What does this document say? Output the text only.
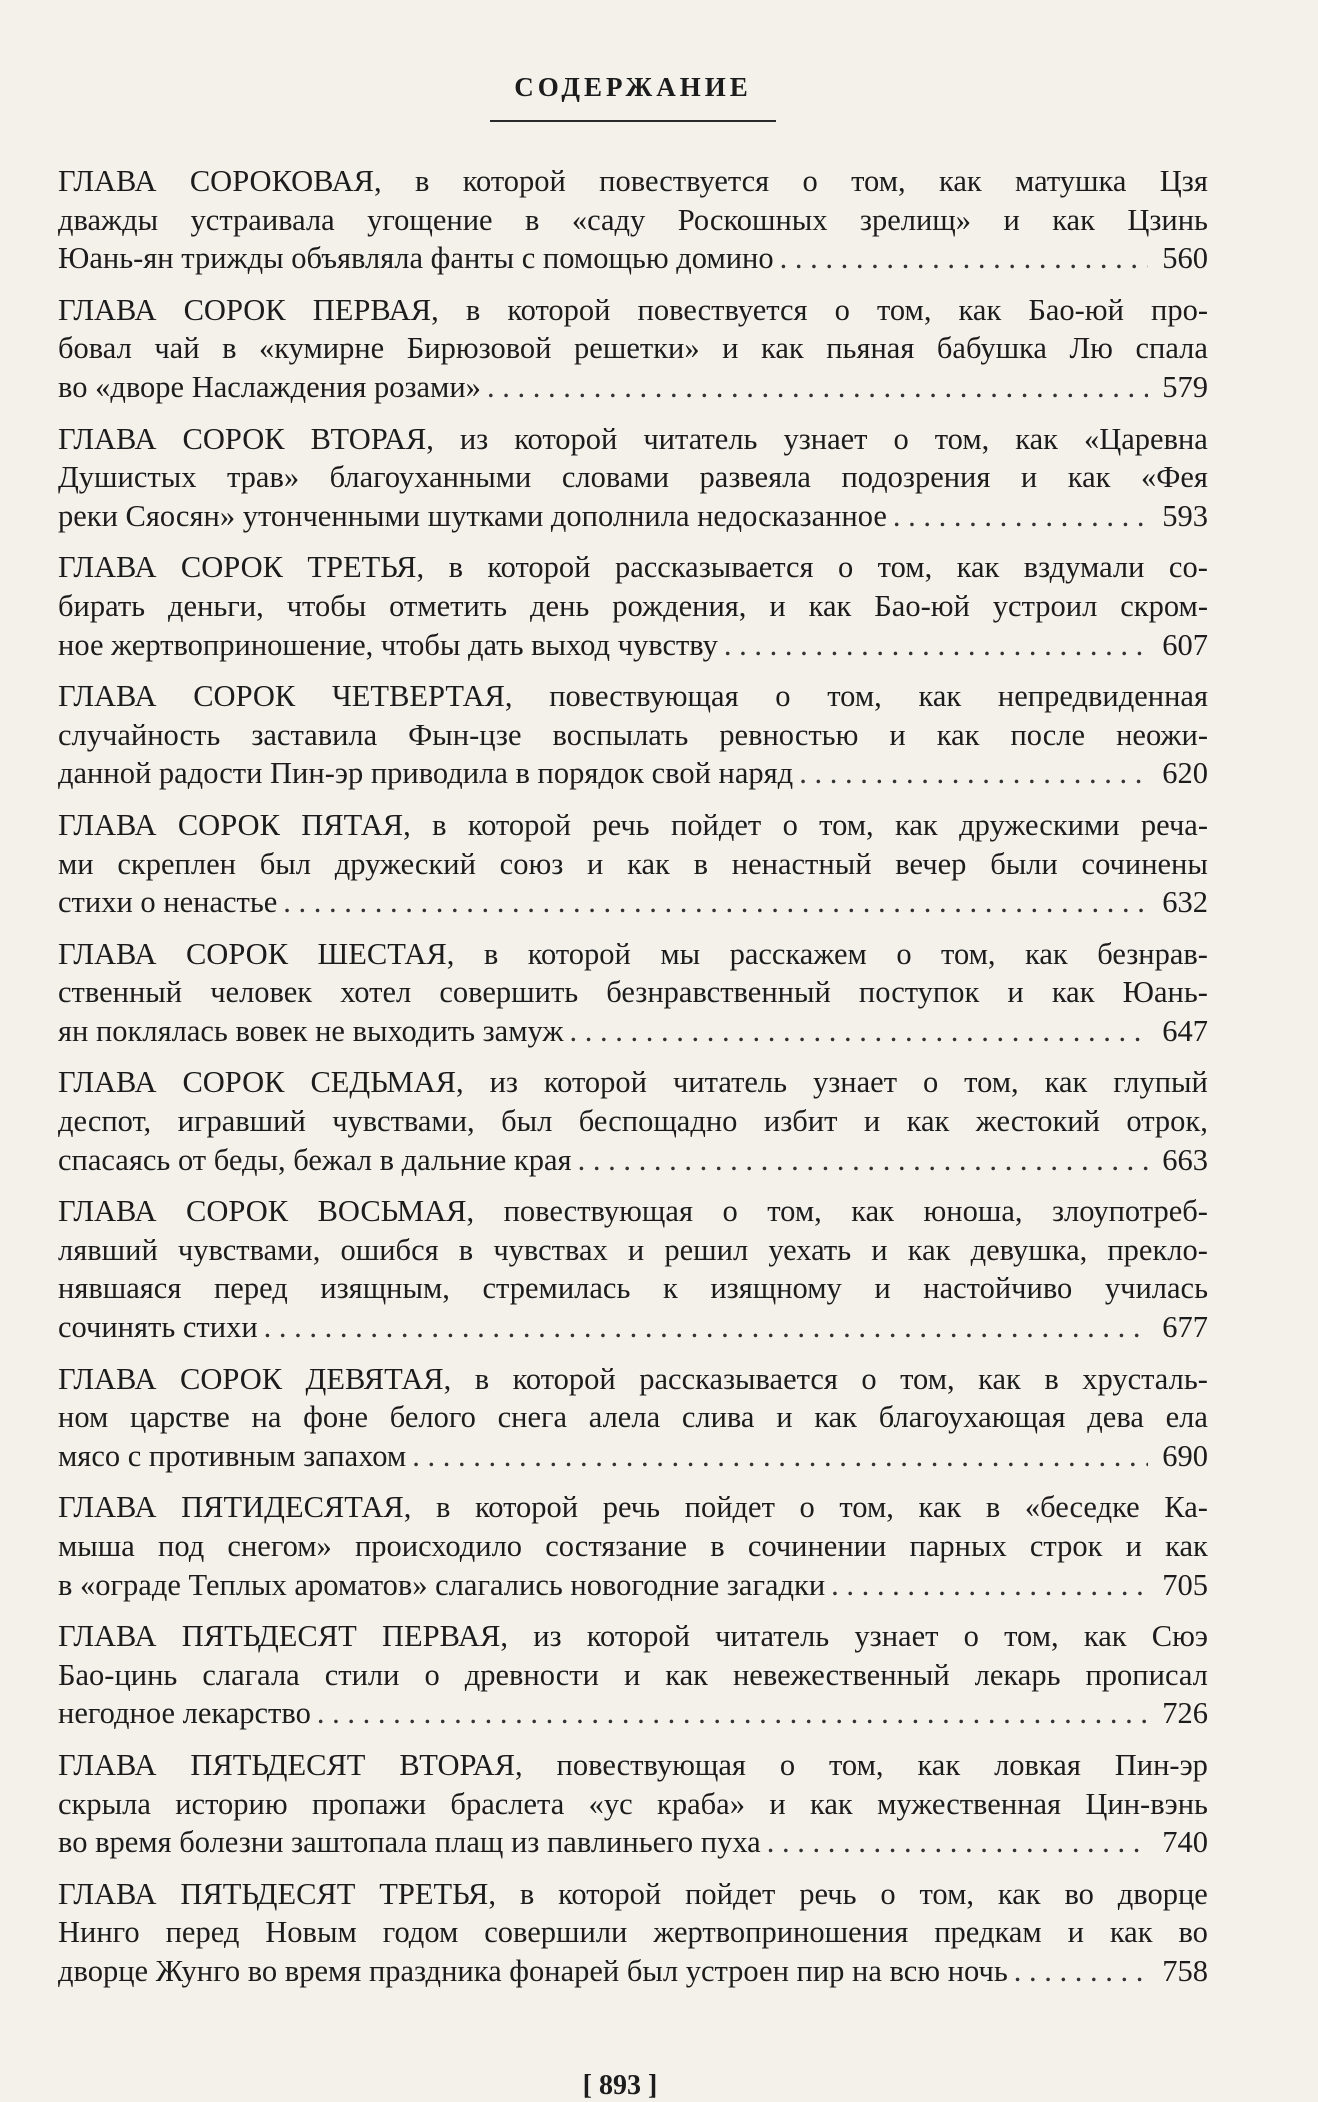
СОДЕРЖАНИЕ
ГЛАВА СОРОКОВАЯ, в которой повествуется о том, как матушка Цзя
дважды устраивала угощение в «саду Роскошных зрелищ» и как Цзинь
Юань-ян трижды объявляла фанты с помощью домино . . .	560
ГЛАВА СОРОК ПЕРВАЯ, в которой повествуется о том, как Бао-юй про-
бовал чай в «кумирне Бирюзовой решетки» и как пьяная бабушка Лю спала
во «дворе Наслаждения розами» . . .	579
ГЛАВА СОРОК ВТОРАЯ, из которой читатель узнает о том, как «Царевна
Душистых трав» благоуханными словами развеяла подозрения и как «Фея
реки Сяосян» утонченными шутками дополнила недосказанное . . .	593
ГЛАВА СОРОК ТРЕТЬЯ, в которой рассказывается о том, как вздумали со-
бирать деньги, чтобы отметить день рождения, и как Бао-юй устроил скром-
ное жертвоприношение, чтобы дать выход чувству . . .	607
ГЛАВА СОРОК ЧЕТВЕРТАЯ, повествующая о том, как непредвиденная
случайность заставила Фын-цзе воспылать ревностью и как после неожи-
данной радости Пин-эр приводила в порядок свой наряд . . .	620
ГЛАВА СОРОК ПЯТАЯ, в которой речь пойдет о том, как дружескими реча-
ми скреплен был дружеский союз и как в ненастный вечер были сочинены
стихи о ненастье . . .	632
ГЛАВА СОРОК ШЕСТАЯ, в которой мы расскажем о том, как безнрав-
ственный человек хотел совершить безнравственный поступок и как Юань-
ян поклялась вовек не выходить замуж . . .	647
ГЛАВА СОРОК СЕДЬМАЯ, из которой читатель узнает о том, как глупый
деспот, игравший чувствами, был беспощадно избит и как жестокий отрок,
спасаясь от беды, бежал в дальние края . . .	663
ГЛАВА СОРОК ВОСЬМАЯ, повествующая о том, как юноша, злоупотреб-
лявший чувствами, ошибся в чувствах и решил уехать и как девушка, прекло-
нявшаяся перед изящным, стремилась к изящному и настойчиво училась
сочинять стихи . . .	677
ГЛАВА СОРОК ДЕВЯТАЯ, в которой рассказывается о том, как в хрусталь-
ном царстве на фоне белого снега алела слива и как благоухающая дева ела
мясо с противным запахом . . .	690
ГЛАВА ПЯТИДЕСЯТАЯ, в которой речь пойдет о том, как в «беседке Ка-
мыша под снегом» происходило состязание в сочинении парных строк и как
в «ограде Теплых ароматов» слагались новогодние загадки . . .	705
ГЛАВА ПЯТЬДЕСЯТ ПЕРВАЯ, из которой читатель узнает о том, как Сюэ
Бао-цинь слагала стили о древности и как невежественный лекарь прописал
негодное лекарство . . .	726
ГЛАВА ПЯТЬДЕСЯТ ВТОРАЯ, повествующая о том, как ловкая Пин-эр
скрыла историю пропажи браслета «ус краба» и как мужественная Цин-вэнь
во время болезни заштопала плащ из павлиньего пуха . . .	740
ГЛАВА ПЯТЬДЕСЯТ ТРЕТЬЯ, в которой пойдет речь о том, как во дворце
Нинго перед Новым годом совершили жертвоприношения предкам и как во
дворце Жунго во время праздника фонарей был устроен пир на всю ночь . . .	758
[ 893 ]
